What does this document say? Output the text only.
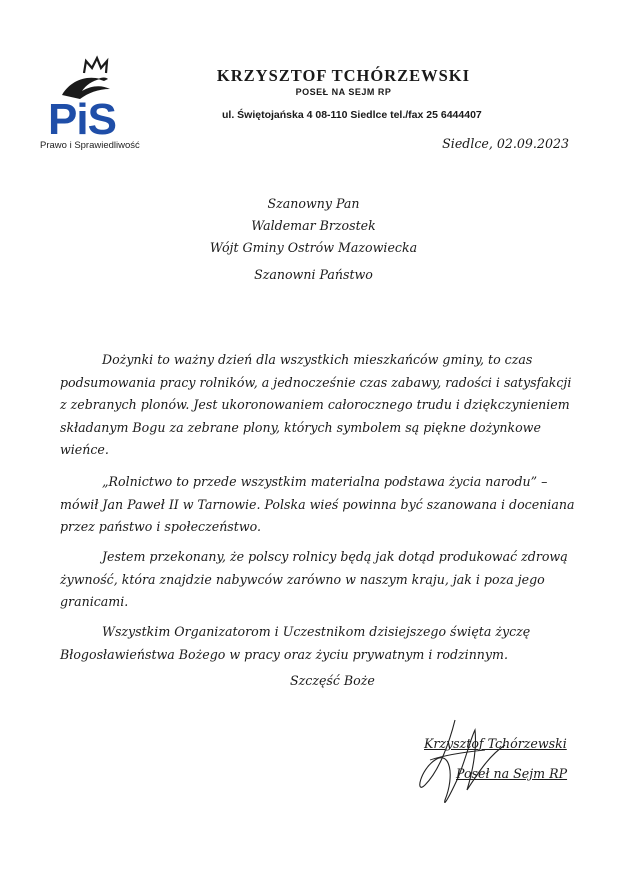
PiS
Prawo i Sprawiedliwość
KRZYSZTOF TCHÓRZEWSKI
POSEŁ NA SEJM RP
ul. Świętojańska 4 08-110 Siedlce tel./fax 25 6444407
Siedlce, 02.09.2023
Szanowny Pan
Waldemar Brzostek
Wójt Gminy Ostrów Mazowiecka
Szanowni Państwo

Dożynki to ważny dzień dla wszystkich mieszkańców gminy, to czas podsumowania pracy rolników, a jednocześnie czas zabawy, radości i satysfakcji z zebranych plonów. Jest ukoronowaniem całorocznego trudu i dziękczynieniem składanym Bogu za zebrane plony, których symbolem są piękne dożynkowe wieńce.

„Rolnictwo to przede wszystkim materialna podstawa życia narodu” – mówił Jan Paweł II w Tarnowie. Polska wieś powinna być szanowana i doceniana przez państwo i społeczeństwo.

Jestem przekonany, że polscy rolnicy będą jak dotąd produkować zdrową żywność, która znajdzie nabywców zarówno w naszym kraju, jak i poza jego granicami.

Wszystkim Organizatorom i Uczestnikom dzisiejszego święta życzę Błogosławieństwa Bożego w pracy oraz życiu prywatnym i rodzinnym.

Szczęść Boże
Krzysztof Tchórzewski
Poseł na Sejm RP
